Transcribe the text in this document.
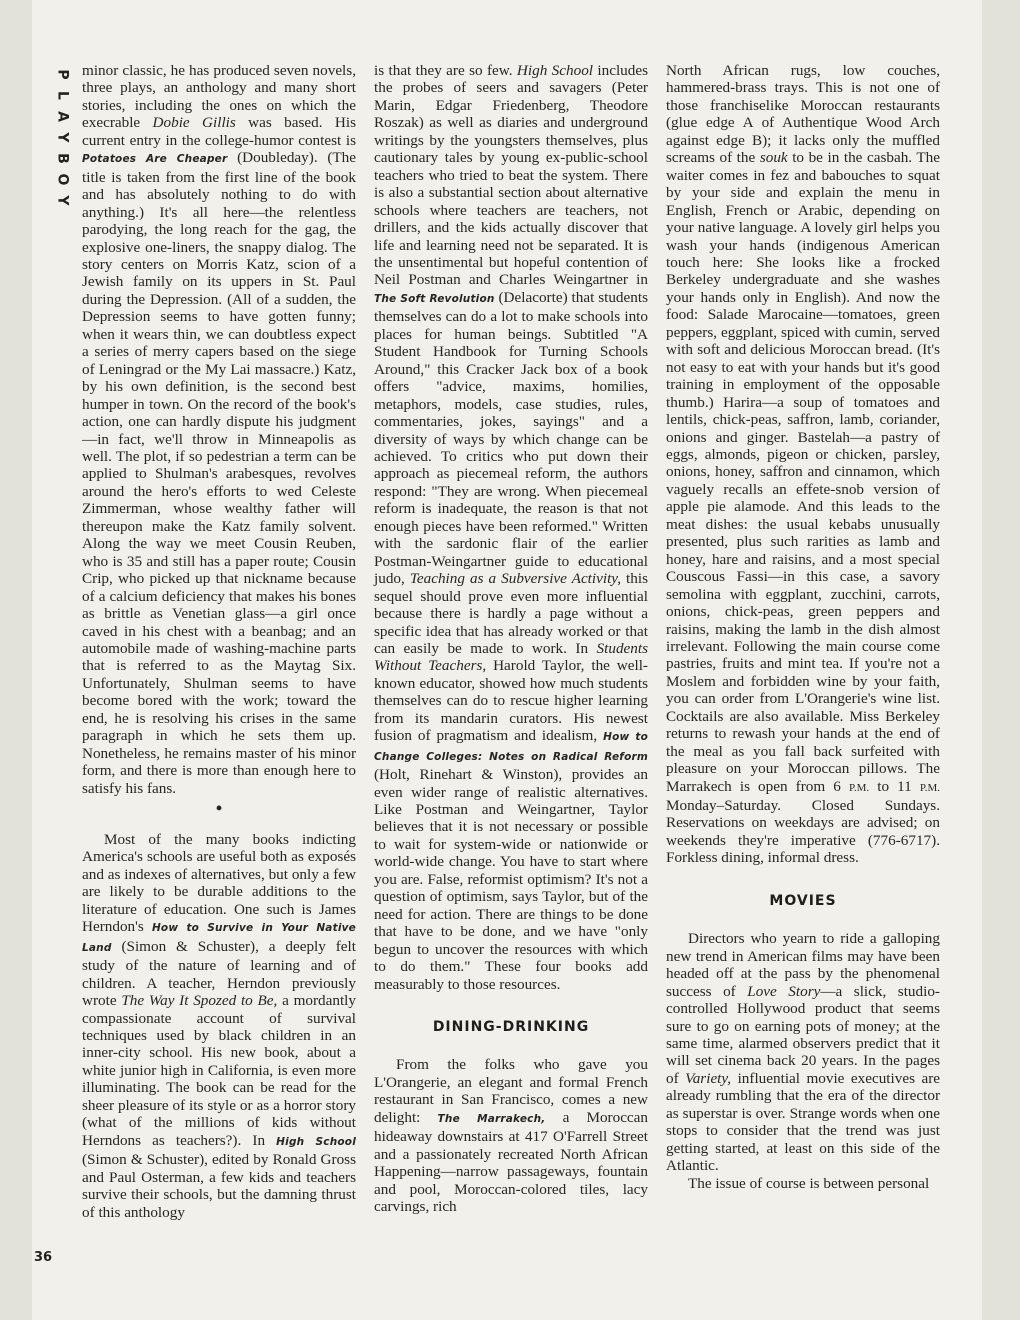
P
L
A
Y
B
O
Y
36

minor classic, he has produced seven novels, three plays, an anthology and many short stories, including the ones on which the execrable Dobie Gillis was based. His current entry in the college-humor contest is Potatoes Are Cheaper (Doubleday). (The title is taken from the first line of the book and has absolutely nothing to do with anything.) It's all here—the relentless parodying, the long reach for the gag, the explosive one-liners, the snappy dialog. The story centers on Morris Katz, scion of a Jewish family on its uppers in St. Paul during the Depression. (All of a sudden, the Depression seems to have gotten funny; when it wears thin, we can doubtless expect a series of merry capers based on the siege of Leningrad or the My Lai massacre.) Katz, by his own definition, is the second best humper in town. On the record of the book's action, one can hardly dispute his judgment—in fact, we'll throw in Minneapolis as well. The plot, if so pedestrian a term can be applied to Shulman's arabesques, revolves around the hero's efforts to wed Celeste Zimmerman, whose wealthy father will thereupon make the Katz family solvent. Along the way we meet Cousin Reuben, who is 35 and still has a paper route; Cousin Crip, who picked up that nickname because of a calcium deficiency that makes his bones as brittle as Venetian glass—a girl once caved in his chest with a beanbag; and an automobile made of washing-machine parts that is referred to as the Maytag Six. Unfortunately, Shulman seems to have become bored with the work; toward the end, he is resolving his crises in the same paragraph in which he sets them up. Nonetheless, he remains master of his minor form, and there is more than enough here to satisfy his fans.

•

Most of the many books indicting America's schools are useful both as exposés and as indexes of alternatives, but only a few are likely to be durable additions to the literature of education. One such is James Herndon's How to Survive in Your Native Land (Simon & Schuster), a deeply felt study of the nature of learning and of children. A teacher, Herndon previously wrote The Way It Spozed to Be, a mordantly compassionate account of survival techniques used by black children in an inner-city school. His new book, about a white junior high in California, is even more illuminating. The book can be read for the sheer pleasure of its style or as a horror story (what of the millions of kids without Herndons as teachers?). In High School (Simon & Schuster), edited by Ronald Gross and Paul Osterman, a few kids and teachers survive their schools, but the damning thrust of this anthology

is that they are so few. High School includes the probes of seers and savagers (Peter Marin, Edgar Friedenberg, Theodore Roszak) as well as diaries and underground writings by the youngsters themselves, plus cautionary tales by young ex-public-school teachers who tried to beat the system. There is also a substantial section about alternative schools where teachers are teachers, not drillers, and the kids actually discover that life and learning need not be separated. It is the unsentimental but hopeful contention of Neil Postman and Charles Weingartner in The Soft Revolution (Delacorte) that students themselves can do a lot to make schools into places for human beings. Subtitled "A Student Handbook for Turning Schools Around," this Cracker Jack box of a book offers "advice, maxims, homilies, metaphors, models, case studies, rules, commentaries, jokes, sayings" and a diversity of ways by which change can be achieved. To critics who put down their approach as piecemeal reform, the authors respond: "They are wrong. When piecemeal reform is inadequate, the reason is that not enough pieces have been reformed." Written with the sardonic flair of the earlier Postman-Weingartner guide to educational judo, Teaching as a Subversive Activity, this sequel should prove even more influential because there is hardly a page without a specific idea that has already worked or that can easily be made to work. In Students Without Teachers, Harold Taylor, the well-known educator, showed how much students themselves can do to rescue higher learning from its mandarin curators. His newest fusion of pragmatism and idealism, How to Change Colleges: Notes on Radical Reform (Holt, Rinehart & Winston), provides an even wider range of realistic alternatives. Like Postman and Weingartner, Taylor believes that it is not necessary or possible to wait for system-wide or nationwide or world-wide change. You have to start where you are. False, reformist optimism? It's not a question of optimism, says Taylor, but of the need for action. There are things to be done that have to be done, and we have "only begun to uncover the resources with which to do them." These four books add measurably to those resources.

DINING-DRINKING

From the folks who gave you L'Orangerie, an elegant and formal French restaurant in San Francisco, comes a new delight: The Marrakech, a Moroccan hideaway downstairs at 417 O'Farrell Street and a passionately recreated North African Happening—narrow passageways, fountain and pool, Moroccan-colored tiles, lacy carvings, rich

North African rugs, low couches, hammered-brass trays. This is not one of those franchiselike Moroccan restaurants (glue edge A of Authentique Wood Arch against edge B); it lacks only the muffled screams of the souk to be in the casbah. The waiter comes in fez and babouches to squat by your side and explain the menu in English, French or Arabic, depending on your native language. A lovely girl helps you wash your hands (indigenous American touch here: She looks like a frocked Berkeley undergraduate and she washes your hands only in English). And now the food: Salade Marocaine—tomatoes, green peppers, eggplant, spiced with cumin, served with soft and delicious Moroccan bread. (It's not easy to eat with your hands but it's good training in employment of the opposable thumb.) Harira—a soup of tomatoes and lentils, chick-peas, saffron, lamb, coriander, onions and ginger. Bastelah—a pastry of eggs, almonds, pigeon or chicken, parsley, onions, honey, saffron and cinnamon, which vaguely recalls an effete-snob version of apple pie alamode. And this leads to the meat dishes: the usual kebabs unusually presented, plus such rarities as lamb and honey, hare and raisins, and a most special Couscous Fassi—in this case, a savory semolina with eggplant, zucchini, carrots, onions, chick-peas, green peppers and raisins, making the lamb in the dish almost irrelevant. Following the main course come pastries, fruits and mint tea. If you're not a Moslem and forbidden wine by your faith, you can order from L'Orangerie's wine list. Cocktails are also available. Miss Berkeley returns to rewash your hands at the end of the meal as you fall back surfeited with pleasure on your Moroccan pillows. The Marrakech is open from 6 P.M. to 11 P.M. Monday–Saturday. Closed Sundays. Reservations on weekdays are advised; on weekends they're imperative (776-6717). Forkless dining, informal dress.

MOVIES

Directors who yearn to ride a galloping new trend in American films may have been headed off at the pass by the phenomenal success of Love Story—a slick, studio-controlled Hollywood product that seems sure to go on earning pots of money; at the same time, alarmed observers predict that it will set cinema back 20 years. In the pages of Variety, influential movie executives are already rumbling that the era of the director as superstar is over. Strange words when one stops to consider that the trend was just getting started, at least on this side of the Atlantic.

The issue of course is between personal
